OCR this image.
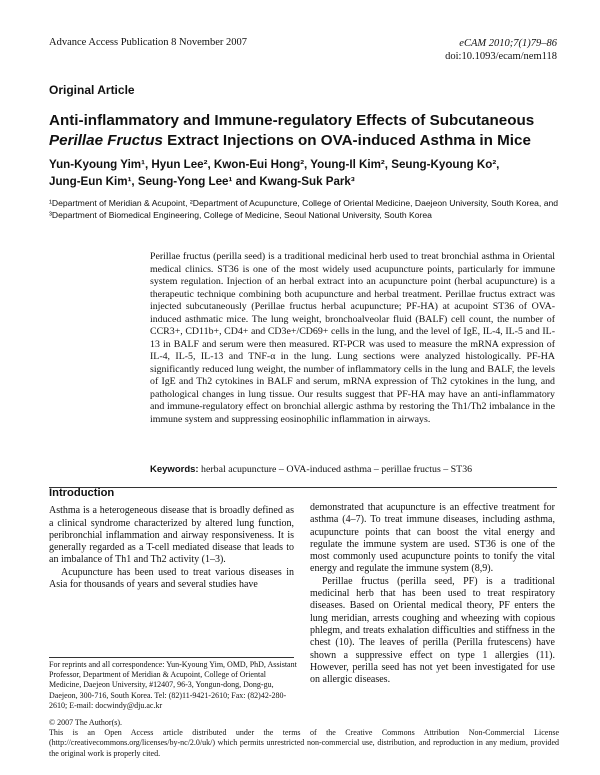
Advance Access Publication 8 November 2007	eCAM 2010;7(1)79–86
doi:10.1093/ecam/nem118
Original Article
Anti-inflammatory and Immune-regulatory Effects of Subcutaneous
Perillae Fructus Extract Injections on OVA-induced Asthma in Mice
Yun-Kyoung Yim¹, Hyun Lee², Kwon-Eui Hong², Young-Il Kim², Seung-Kyoung Ko²,
Jung-Eun Kim¹, Seung-Yong Lee¹ and Kwang-Suk Park³
¹Department of Meridian & Acupoint, ²Department of Acupuncture, College of Oriental Medicine, Daejeon University, South Korea, and ³Department of Biomedical Engineering, College of Medicine, Seoul National University, South Korea
Perillae fructus (perilla seed) is a traditional medicinal herb used to treat bronchial asthma in Oriental medical clinics. ST36 is one of the most widely used acupuncture points, particularly for immune system regulation. Injection of an herbal extract into an acupuncture point (herbal acupuncture) is a therapeutic technique combining both acupuncture and herbal treatment. Perillae fructus extract was injected subcutaneously (Perillae fructus herbal acupuncture; PF-HA) at acupoint ST36 of OVA-induced asthmatic mice. The lung weight, bronchoalveolar fluid (BALF) cell count, the number of CCR3+, CD11b+, CD4+ and CD3e+/CD69+ cells in the lung, and the level of IgE, IL-4, IL-5 and IL-13 in BALF and serum were then measured. RT-PCR was used to measure the mRNA expression of IL-4, IL-5, IL-13 and TNF-α in the lung. Lung sections were analyzed histologically. PF-HA significantly reduced lung weight, the number of inflammatory cells in the lung and BALF, the levels of IgE and Th2 cytokines in BALF and serum, mRNA expression of Th2 cytokines in the lung, and pathological changes in lung tissue. Our results suggest that PF-HA may have an anti-inflammatory and immune-regulatory effect on bronchial allergic asthma by restoring the Th1/Th2 imbalance in the immune system and suppressing eosinophilic inflammation in airways.
Keywords: herbal acupuncture – OVA-induced asthma – perillae fructus – ST36
Introduction

Asthma is a heterogeneous disease that is broadly defined as a clinical syndrome characterized by altered lung function, peribronchial inflammation and airway responsiveness. It is generally regarded as a T-cell mediated disease that leads to an imbalance of Th1 and Th2 activity (1–3).

Acupuncture has been used to treat various diseases in Asia for thousands of years and several studies have

demonstrated that acupuncture is an effective treatment for asthma (4–7). To treat immune diseases, including asthma, acupuncture points that can boost the vital energy and regulate the immune system are used. ST36 is one of the most commonly used acupuncture points to tonify the vital energy and regulate the immune system (8,9).

Perillae fructus (perilla seed, PF) is a traditional medicinal herb that has been used to treat respiratory diseases. Based on Oriental medical theory, PF enters the lung meridian, arrests coughing and wheezing with copious phlegm, and treats exhalation difficulties and stiffness in the chest (10). The leaves of perilla (Perilla frutescens) have shown a suppressive effect on type 1 allergies (11). However, perilla seed has not yet been investigated for use on allergic diseases.

For reprints and all correspondence: Yun-Kyoung Yim, OMD, PhD, Assistant Professor, Department of Meridian & Acupoint, College of Oriental Medicine, Daejeon University, #12407, 96-3, Yongun-dong, Dong-gu, Daejeon, 300-716, South Korea. Tel: (82)11-9421-2610; Fax: (82)42-280-2610; E-mail: docwindy@dju.ac.kr
© 2007 The Author(s).
This is an Open Access article distributed under the terms of the Creative Commons Attribution Non-Commercial License (http://creativecommons.org/licenses/by-nc/2.0/uk/) which permits unrestricted non-commercial use, distribution, and reproduction in any medium, provided the original work is properly cited.
